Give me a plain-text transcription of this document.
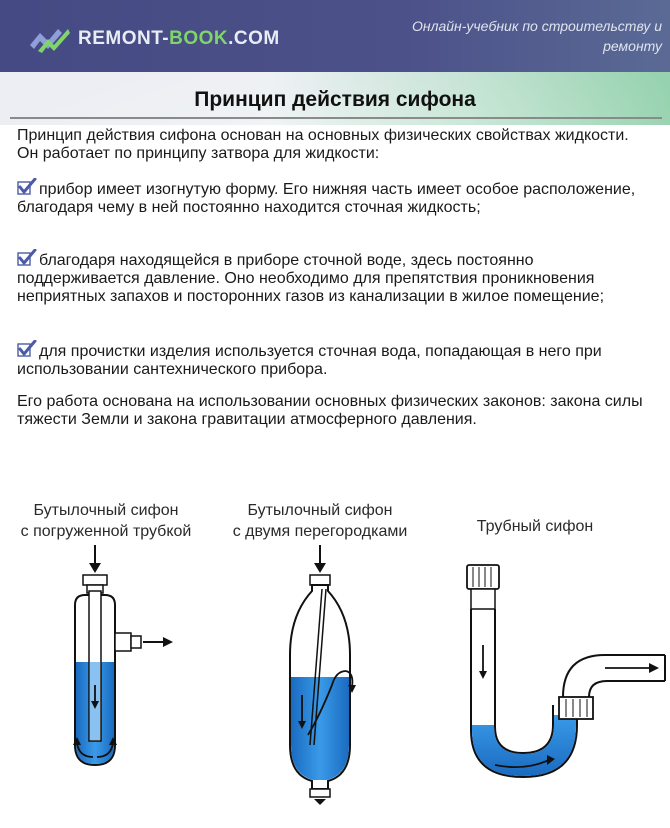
REMONT-BOOK.COM
Онлайн-учебник по строительству и ремонту
Принцип действия сифона
Принцип действия сифона основан на основных физических свойствах жидкости. Он работает по принципу затвора для жидкости:
прибор имеет изогнутую форму. Его нижняя часть имеет особое расположение, благодаря чему в ней постоянно находится сточная жидкость;
благодаря находящейся в приборе сточной воде, здесь постоянно поддерживается давление. Оно необходимо для препятствия проникновения неприятных запахов и посторонних газов из канализации в жилое помещение;
для прочистки изделия используется сточная вода, попадающая в него при использовании сантехнического прибора.
Его работа основана на использовании основных физических законов: закона силы тяжести Земли и закона гравитации атмосферного давления.
Бутылочный сифон
с погруженной трубкой
Бутылочный сифон
с двумя перегородками	Трубный сифон
